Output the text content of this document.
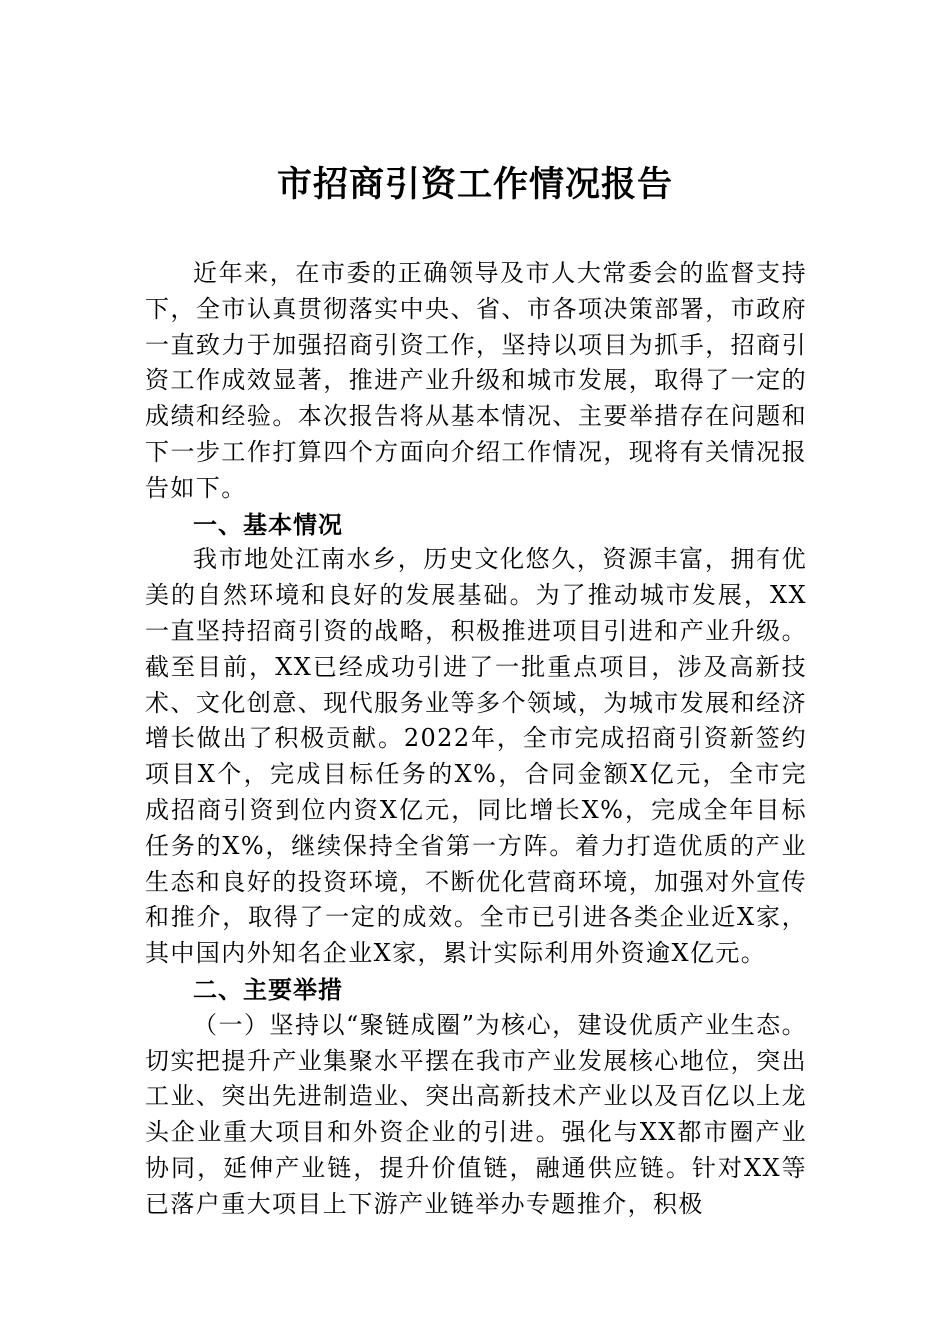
市招商引资工作情况报告

近年来，在市委的正确领导及市人大常委会的监督支持下，全市认真贯彻落实中央、省、市各项决策部署，市政府一直致力于加强招商引资工作，坚持以项目为抓手，招商引资工作成效显著，推进产业升级和城市发展，取得了一定的成绩和经验。本次报告将从基本情况、主要举措存在问题和下一步工作打算四个方面向介绍工作情况，现将有关情况报告如下。

一、基本情况

我市地处江南水乡，历史文化悠久，资源丰富，拥有优美的自然环境和良好的发展基础。为了推动城市发展，XX一直坚持招商引资的战略，积极推进项目引进和产业升级。截至目前，XX已经成功引进了一批重点项目，涉及高新技术、文化创意、现代服务业等多个领域，为城市发展和经济增长做出了积极贡献。2022年，全市完成招商引资新签约项目X个，完成目标任务的X%，合同金额X亿元，全市完成招商引资到位内资X亿元，同比增长X%，完成全年目标任务的X%，继续保持全省第一方阵。着力打造优质的产业生态和良好的投资环境，不断优化营商环境，加强对外宣传和推介，取得了一定的成效。全市已引进各类企业近X家，其中国内外知名企业X家，累计实际利用外资逾X亿元。

二、主要举措

（一）坚持以“聚链成圈”为核心，建设优质产业生态。切实把提升产业集聚水平摆在我市产业发展核心地位，突出工业、突出先进制造业、突出高新技术产业以及百亿以上龙头企业重大项目和外资企业的引进。强化与XX都市圈产业协同，延伸产业链，提升价值链，融通供应链。针对XX等已落户重大项目上下游产业链举办专题推介，积极
